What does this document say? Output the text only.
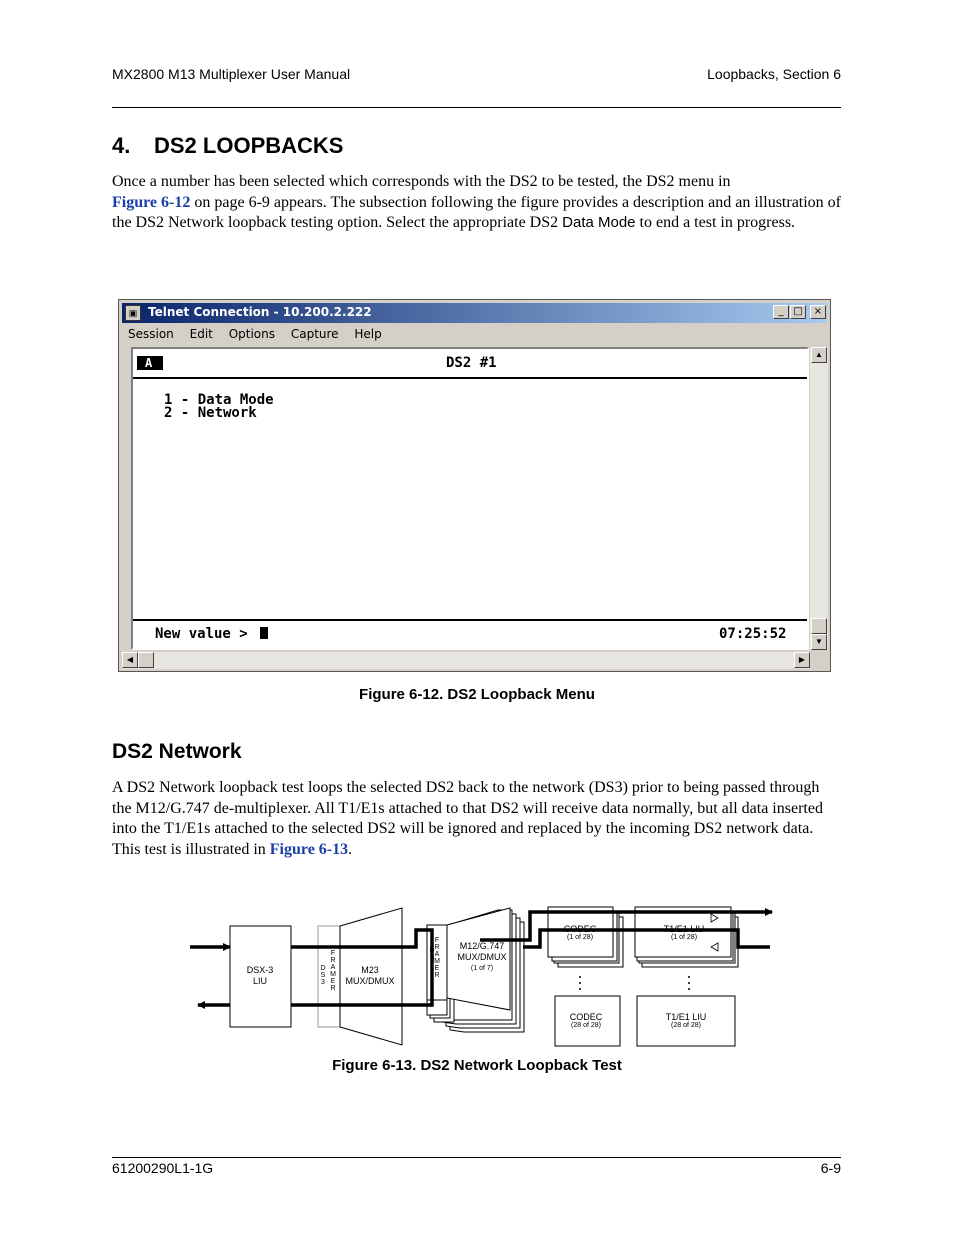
MX2800 M13 Multiplexer User Manual	Loopbacks, Section 6
4. DS2 LOOPBACKS
Once a number has been selected which corresponds with the DS2 to be tested, the DS2 menu in
Figure 6-12 on page 6-9 appears. The subsection following the figure provides a description and an illustration of the DS2 Network loopback testing option. Select the appropriate DS2 Data Mode to end a test in progress.
▣ Telnet Connection - 10.200.2.222	_ □	×
Session Edit Options Capture Help
A	DS2 #1
1 - Data Mode
2 - Network
New value >	07:25:52
▲
▼
◀	▶
Figure 6-12. DS2 Loopback Menu
DS2 Network
A DS2 Network loopback test loops the selected DS2 back to the network (DS3) prior to being passed through the M12/G.747 de-multiplexer. All T1/E1s attached to that DS2 will receive data normally, but all data inserted into the T1/E1s attached to the selected DS2 will be ignored and replaced by the incoming DS2 network data. This test is illustrated in Figure 6-13.
DSX-3
LIU
D
S
3
F
R
A
M
E
R
M23
MUX/DMUX
F
R
A
M
E
R
D
S
2
M12/G.747
MUX/DMUX
(1 of 7)
CODEC
(1 of 28)
T1/E1 LIU
(1 of 28)
CODEC
(28 of 28)
T1/E1 LIU
(28 of 28)
Figure 6-13. DS2 Network Loopback Test
61200290L1-1G	6-9
